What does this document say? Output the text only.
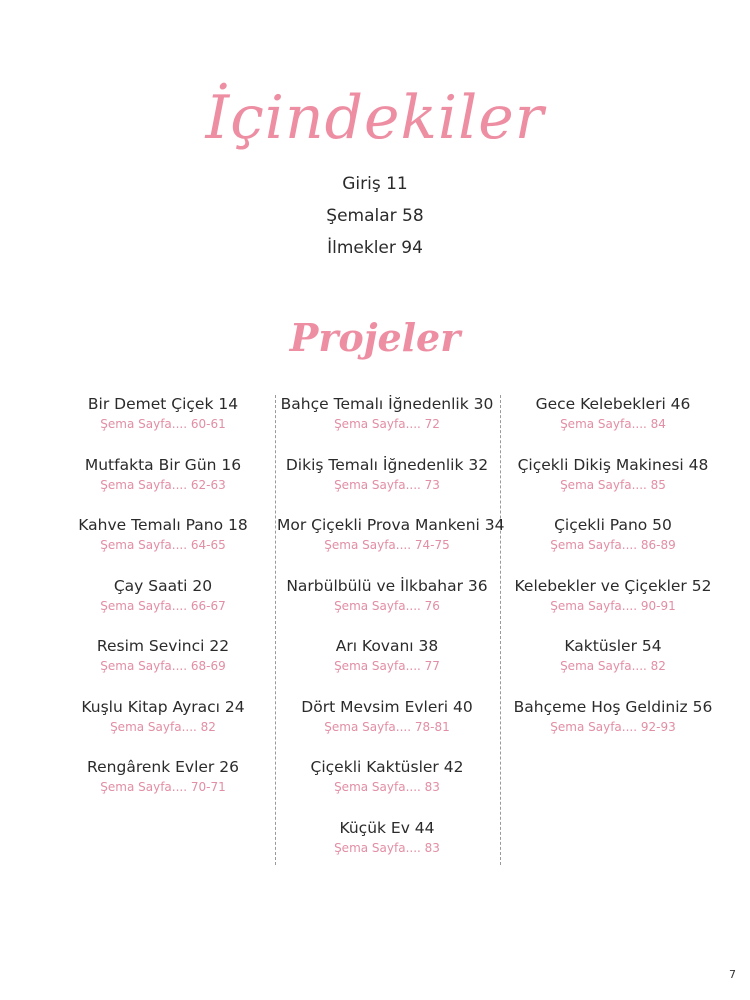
İçindekiler
Giriş 11
Şemalar 58
İlmekler 94
Projeler
Bir Demet Çiçek 14
Şema Sayfa.... 60-61
Mutfakta Bir Gün 16
Şema Sayfa.... 62-63
Kahve Temalı Pano 18
Şema Sayfa.... 64-65
Çay Saati 20
Şema Sayfa.... 66-67
Resim Sevinci 22
Şema Sayfa.... 68-69
Kuşlu Kitap Ayracı 24
Şema Sayfa.... 82
Rengârenk Evler 26
Şema Sayfa.... 70-71
Bahçe Temalı İğnedenlik 30
Şema Sayfa.... 72
Dikiş Temalı İğnedenlik 32
Şema Sayfa.... 73
Mor Çiçekli Prova Mankeni 34
Şema Sayfa.... 74-75
Narbülbülü ve İlkbahar 36
Şema Sayfa.... 76
Arı Kovanı 38
Şema Sayfa.... 77
Dört Mevsim Evleri 40
Şema Sayfa.... 78-81
Çiçekli Kaktüsler 42
Şema Sayfa.... 83
Küçük Ev 44
Şema Sayfa.... 83
Gece Kelebekleri 46
Şema Sayfa.... 84
Çiçekli Dikiş Makinesi 48
Şema Sayfa.... 85
Çiçekli Pano 50
Şema Sayfa.... 86-89
Kelebekler ve Çiçekler 52
Şema Sayfa.... 90-91
Kaktüsler 54
Şema Sayfa.... 82
Bahçeme Hoş Geldiniz 56
Şema Sayfa.... 92-93
7
